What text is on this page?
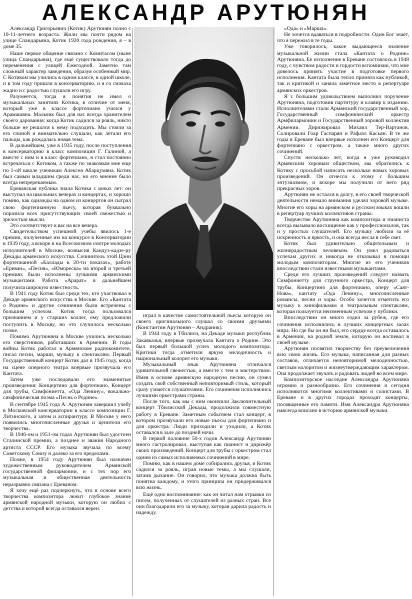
АЛЕКСАНДР АРУТЮНЯН

Александр Григорьевич (Котик) Арутюнян полно с 10-11-летнего возраста. Жили мы почти рядом на улице Спандарьяна, Котик 1920 года рождения, я – в доме 35.

Наше первое общение связано с Комитасом (ныне улица Спандарьяна), где ещё существовало тогда до переменения с улицей Ежегодной. Заметно там сложный характер заведения, образуя особенный мир. С Котиком мы учились в одном классе, в одной школе, и в том году пришли в консерваторию, и я со сначала жадно и с радостью слушали его игру.

Разумеется, тогда я понятия не имел о музыкальных занятиях Котика, в отличие от меня, который уже в классе фортепиано учился у Арамашяна. Мальчик был для нас всегда хранителем своего дарования: когда Котик садился за рояль, никто больше не решался к нему подходить. Мы стояли за его спиной и внимательно слушали, как летали его пальцы, как рождалась новая тема.

В дальнейшем, уже в 1935 году, после поступления в консерваторию в класс композиции Г. Галиной, а вместе с ним и в класс фортепиано, я стал постоянно встречаться с Котиком, а также по знакомым мне еще по 1-ой школе ученикам Алексея Абарцумяна. Котик был самым младшим среди нас, но его мнение было всегда непререкаемым.

Ереванская публика знала Котика с юных лет: он выступал на школьных вечерах и концертах, и хорошо помню, как однажды на одном из концертов он сыграл свою фортепианную пьесу, которая буквально поразила всех присутствующих своей свежестью и зрелостью мысли.

Это соответствует и вас на все вечера.

Свидетельством успешной учебы явилось 1-е премии, полученные им на конкурсе в Консерватории в 1939 году, а вскоре и на Всесоюзном смотре молодых исполнителей в Москве, возвысив Кандуз-кадзе-ру Дека́ды армянского искусства. Сочинитель этой Цэни фортепианной «Баллады в 20-ти показах», работе «Ереван», «Песня», «Юмореска» на второй и третьей премиях были исполнены лучшими армянскими музыкантами. Работа «Арарат» в дальнейшем получила широкую известность.

В 1941 году Котик был среди тех, кто участвовал в Декаде армянского искусства в Москве. Его «Кантата о Родине» и другие сочинения были встречены с большим успехом. Котик тогда пользовался признанием и у старших коллег, ему предложили поступить в Москву, но это случилось несколько позже.

Помимо Арутюняна в Москве учились несколько его сверстников, работавших в Армении. В годы войны Котик работал в Армянском радиокомитете, писал песни, марши, музыку к спектаклям. Первый Государственный концерт Котик дал в 1945 году, когда на сцене оперного театра впервые прозвучала его Кантата.

Затем уже последовали его знаменитые произведения: Концертино для фортепиано, Концерт для трубы, Симфониетта, «Ода Ленину», вокально-симфоническая поэма «Песнь о Родине».

В сентябре 1945 года А. Арутюнян завершил учебу в Московской консерватории в классе композиции Г. Литинского, а затем и аспирантуру. В Москве у него появились многочисленные друзья и ценители его творчества.

В 1946-ом и 1951-ом годах Арутюнян был удостоен Сталинской премии, а позднее и звания Народного артиста СССР. Его музыка звучала по всему Советскому Союзу и далеко за его пределами.

Позже, в 1954 году Арутюнян был назначен художественным руководителем Армянской государственной филармонии, и с тех пор его музыкальная и общественная деятельность неразрывно связана с Ереваном.

Я хочу ещё раз подчеркнуть, что в основе всего творчества композитора лежит глубокое знание армянской народной музыки, которую он любил с детства и которой всегда оставался верен.

играл в качестве самостоятельной пьесы которую он своего оригинального слушал со своими друзьями (Константин Арутюнян – Андраник).

В 1944 году в Тбилиси, на Декаде музыки республик Закавказья, впервые прозвучала Кантата о Родине. Это был первый большой успех молодого композитора. Критики тогда отметили яркую мелодичность и национальный колорит его музыки.

Музыкальный язык Арутюняна отличался удивительной свежестью, а вместе с тем и мастерством. Имея в основе армянскую народную песню, он сумел создать свой собственный неповторимый стиль, который сразу узнается слушателями. Его сочинения исполнялись лучшими оркестрами страны.

После того, как мы с ним окончили Заключительный концерт Тбилисской Декады, продолжили совместную работу в Ереване. Заметным событием стал концерт, в котором прозвучали его новые пьесы для фортепиано и для оркестра. Люди приходили и уходили, а Котик оставался в зале до поздней ночи.

В первой половине 50-х годов Александр Арутюнян много гастролировал, выступая как пианист и дирижёр своих произведений. Концерт для трубы с оркестром стал одним из самых исполняемых сочинений в мире.

Помню, как в нашем доме собирались друзья, и Котик садился за рояль, играя новые темы, а мы слушали, затаив дыхание. Он говорил, что музыка должна быть понятна каждому, и этого принципа он придерживался всю жизнь.

Ещё одно воспоминание: как он читал нам отрывки из писем, полученных от слушателей из разных стран. Все они благодарили его за музыку, которая дарила радость и надежду.

«Ода» и «Марша».

Не хочется вдаваться в подробности. Один Бог знает, что я пережил в те годы.

Уже говорилось, какое выдающееся значение музыкальной жизни стала «Кантата о Родине» Арутюняна. Ее исполнение в Ереване состоялось в 1948 году, с чувством радости и гордости вспоминаю, что мне довелось принять участие в подготовке первого исполнения. Кантата была тепло принята как публикой, так и критикой и заняла заметное место в репертуаре армянских оркестров.

Я с большим удовольствием выполнил поручение Арутюняна, подготовив партитуру и клавир к изданию. Исполнителями стали Армянский государственный хор, Государственный симфонический оркестр Армфилармонии и Государственный хоровой коллектив Армении. Дирижировал Михаил Тер-Вартанов. Солировали Гоар Гаспарян и Рафаэл Касьян. В те же годы в Ереване был впервые исполнен его Концерт для фортепиано с оркестром, а также много других сочинений.

Спустя несколько лет, когда я уже руководил Армянским хоровым обществом, мы обратились к Котику с просьбой написать несколько новых хоровых произведений. Он отнесся к этому с большим энтузиазмом, и вскоре мы получили от него ряд прекрасных хоров.

Арутюнян не остался в долгу, в его своей творческой деятельности немало внимания уделял хоровой музыке. Многие его хоры на армянском и русском языках вошли в репертуар лучших коллективов страны.

Творчество Арутюняна как композитора и пианиста всегда вызывало восхищение как у профессионалов, так и у простых слушателей. Его музыку любили за её искренность и яркость, и она всегда несла в себе свет.

Котик был удивительно общительным и жизнерадостным человеком. Он умел радоваться успехам других и никогда не отказывал в помощи молодым композиторам. Многие из его учеников впоследствии стали известными музыкантами.

Среди его лучших произведений следует назвать Симфониетту для струнного оркестра, Концерт для трубы, Концертино для фортепиано, оперу «Саят-Нова», кантату «Ода Ленину», многочисленные романсы, песни и хоры. Особо хочется отметить его музыку к кинофильмам и театральным спектаклям, которая пользуется неизменным успехом у публики.

Впоследствии он много ездил за рубеж, где его сочинения исполнялись в лучших концертных залах мира. Но где бы он ни был, его сердце всегда оставалось в Армении, на родной земле, которую он воспевал в своей музыке.

Арутюнян посвятил творчеству без преувеличения всю свою жизнь. Его музыка, написанная для разных составов, отличается неповторимой мелодичностью, светлым колоритом и жизнеутверждающим характером. Она продолжает звучать и радовать людей во всем мире.

Композиторское наследие Александра Арутюняна огромно и разнообразно. Его сочинения и сегодня исполняются многими коллективами и солистами. В Ереване и в других городах проходят концерты, посвященные его памяти. Имя Александра Арутюняна навсегда вписано в историю армянской музыки.
